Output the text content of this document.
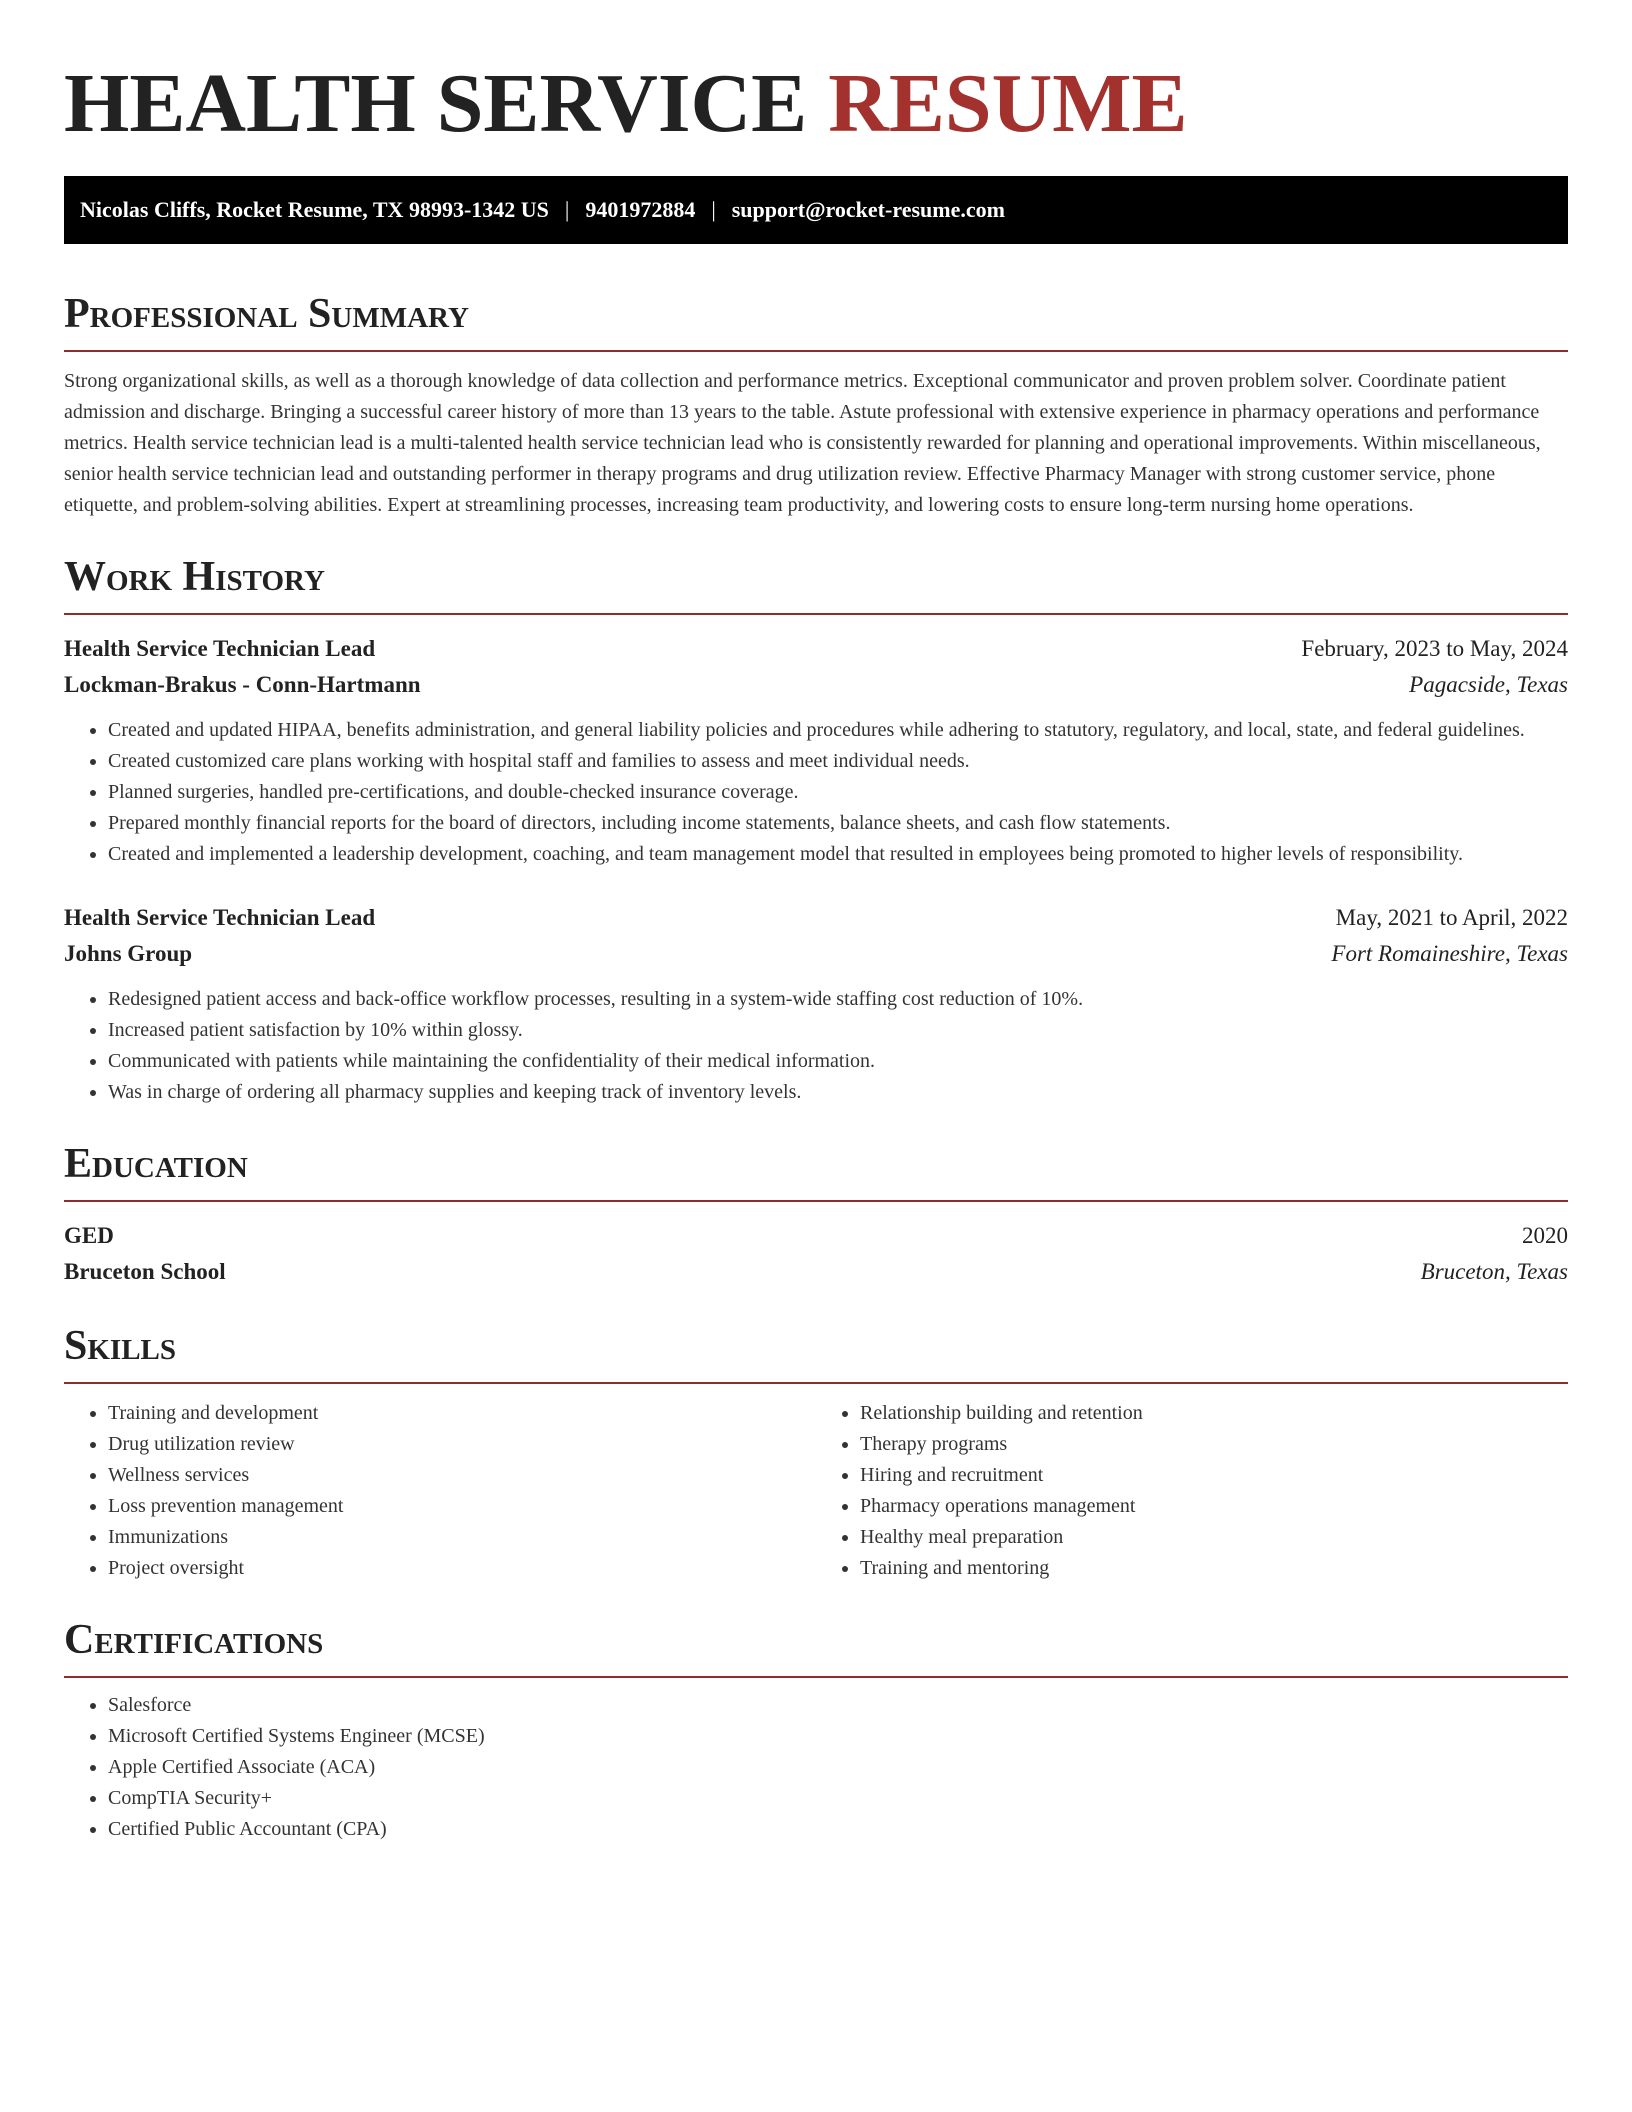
HEALTH SERVICE RESUME
Nicolas Cliffs, Rocket Resume, TX 98993-1342 US | 9401972884 | support@rocket-resume.com
Professional Summary

Strong organizational skills, as well as a thorough knowledge of data collection and performance metrics. Exceptional communicator and proven problem solver. Coordinate patient admission and discharge. Bringing a successful career history of more than 13 years to the table. Astute professional with extensive experience in pharmacy operations and performance metrics. Health service technician lead is a multi-talented health service technician lead who is consistently rewarded for planning and operational improvements. Within miscellaneous, senior health service technician lead and outstanding performer in therapy programs and drug utilization review. Effective Pharmacy Manager with strong customer service, phone etiquette, and problem-solving abilities. Expert at streamlining processes, increasing team productivity, and lowering costs to ensure long-term nursing home operations.

Work History
Health Service Technician Lead	February, 2023 to May, 2024
Lockman-Brakus - Conn-Hartmann	Pagacside, Texas
• Created and updated HIPAA, benefits administration, and general liability policies and procedures while adhering to statutory, regulatory, and local, state, and federal guidelines.
• Created customized care plans working with hospital staff and families to assess and meet individual needs.
• Planned surgeries, handled pre-certifications, and double-checked insurance coverage.
• Prepared monthly financial reports for the board of directors, including income statements, balance sheets, and cash flow statements.
• Created and implemented a leadership development, coaching, and team management model that resulted in employees being promoted to higher levels of responsibility.
Health Service Technician Lead	May, 2021 to April, 2022
Johns Group	Fort Romaineshire, Texas
• Redesigned patient access and back-office workflow processes, resulting in a system-wide staffing cost reduction of 10%.
• Increased patient satisfaction by 10% within glossy.
• Communicated with patients while maintaining the confidentiality of their medical information.
• Was in charge of ordering all pharmacy supplies and keeping track of inventory levels.
Education
GED	2020
Bruceton School	Bruceton, Texas
Skills
• Training and development
• Drug utilization review
• Wellness services
• Loss prevention management
• Immunizations
• Project oversight
• Relationship building and retention
• Therapy programs
• Hiring and recruitment
• Pharmacy operations management
• Healthy meal preparation
• Training and mentoring
Certifications
• Salesforce
• Microsoft Certified Systems Engineer (MCSE)
• Apple Certified Associate (ACA)
• CompTIA Security+
• Certified Public Accountant (CPA)
